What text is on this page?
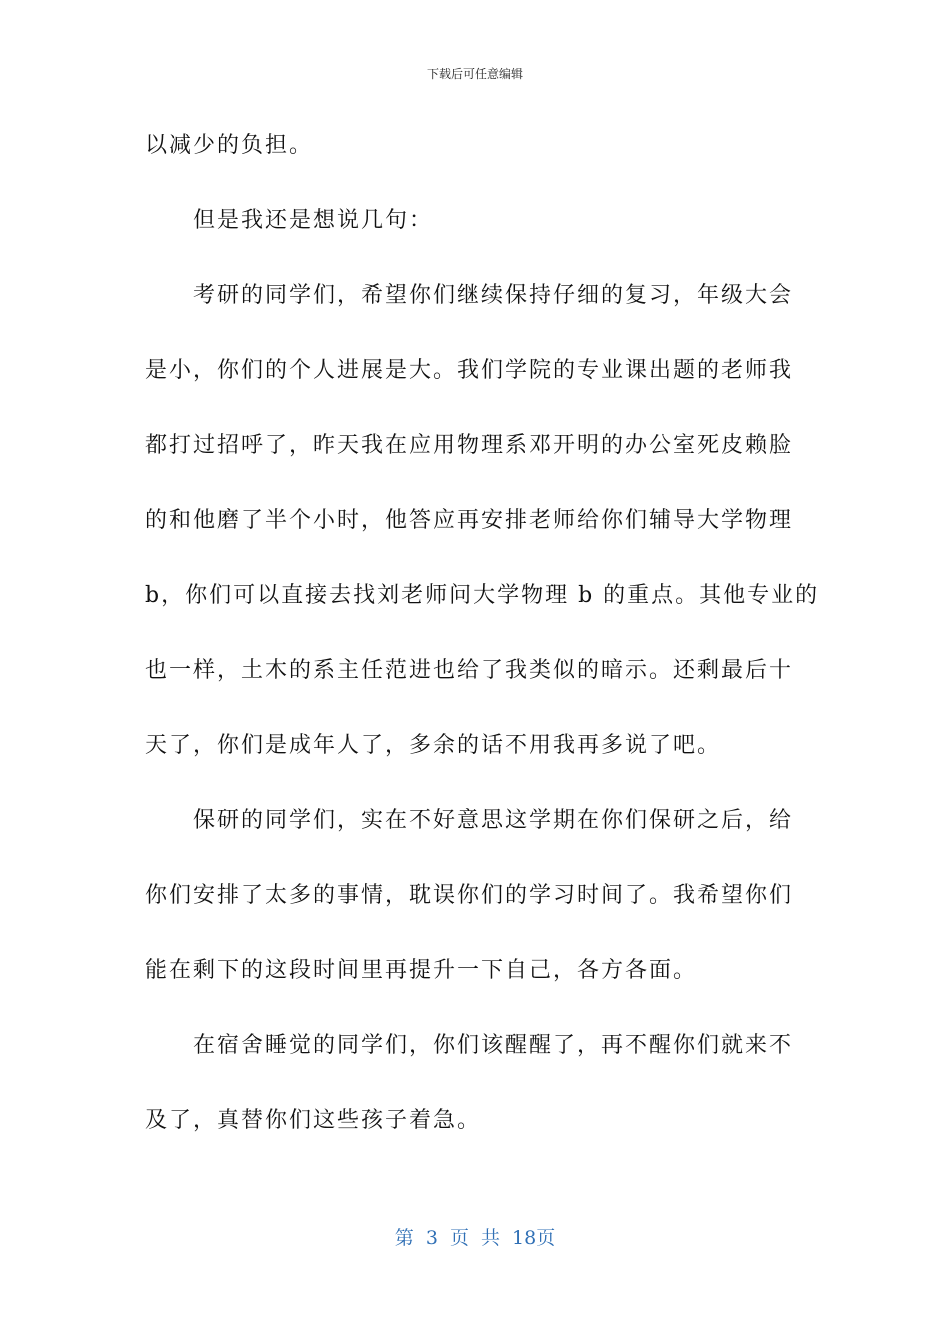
下载后可任意编辑
以减少的负担。
但是我还是想说几句：
考研的同学们，希望你们继续保持仔细的复习，年级大会
是小，你们的个人进展是大。我们学院的专业课出题的老师我
都打过招呼了，昨天我在应用物理系邓开明的办公室死皮赖脸
的和他磨了半个小时，他答应再安排老师给你们辅导大学物理
b，你们可以直接去找刘老师问大学物理 b 的重点。其他专业的
也一样，土木的系主任范进也给了我类似的暗示。还剩最后十
天了，你们是成年人了，多余的话不用我再多说了吧。
保研的同学们，实在不好意思这学期在你们保研之后，给
你们安排了太多的事情，耽误你们的学习时间了。我希望你们
能在剩下的这段时间里再提升一下自己，各方各面。
在宿舍睡觉的同学们，你们该醒醒了，再不醒你们就来不
及了，真替你们这些孩子着急。
第 3 页 共 18页
